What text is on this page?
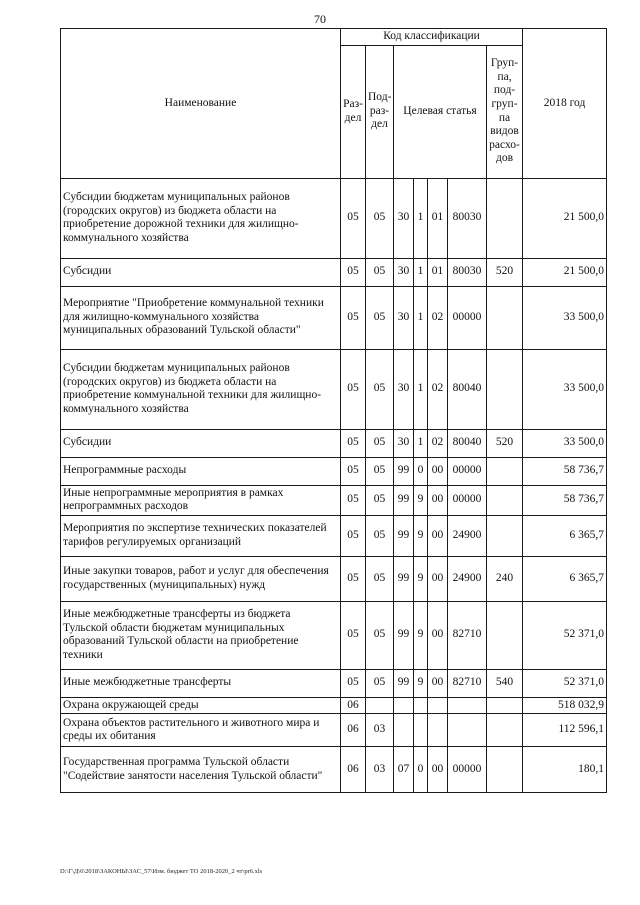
70
Наименование	Код классификации							2018 год
	Раз-дел	Под-раз-дел	Целевая статья				Груп-па, под-груп-па видов расхо-дов	
Субсидии бюджетам муниципальных районов (городских округов) из бюджета области на приобретение дорожной техники для жилищно-коммунального хозяйства	05	05	30	1	01	80030		21 500,0
Субсидии	05	05	30	1	01	80030	520	21 500,0
Мероприятие "Приобретение коммунальной техники для жилищно-коммунального хозяйства муниципальных образований Тульской области"	05	05	30	1	02	00000		33 500,0
Субсидии бюджетам муниципальных районов (городских округов) из бюджета области на приобретение коммунальной техники для жилищно-коммунального хозяйства	05	05	30	1	02	80040		33 500,0
Субсидии	05	05	30	1	02	80040	520	33 500,0
Непрограммные расходы	05	05	99	0	00	00000		58 736,7
Иные непрограммные мероприятия в рамках непрограммных расходов	05	05	99	9	00	00000		58 736,7
Мероприятия по экспертизе технических показателей тарифов регулируемых организаций	05	05	99	9	00	24900		6 365,7
Иные закупки товаров, работ и услуг для обеспечения государственных (муниципальных) нужд	05	05	99	9	00	24900	240	6 365,7
Иные межбюджетные трансферты из бюджета Тульской области бюджетам муниципальных образований Тульской области на приобретение техники	05	05	99	9	00	82710		52 371,0
Иные межбюджетные трансферты	05	05	99	9	00	82710	540	52 371,0
Охрана окружающей среды	06							518 032,9
Охрана объектов растительного и животного мира и среды их обитания	06	03						112 596,1
Государственная программа Тульской области "Содействие занятости населения Тульской области"	06	03	07	0	00	00000		180,1
D:\Г\Д\6\2018\ЗАКОНЫ\ЗАС_57\Изм. бюджет ТО 2018-2020_2 чт\pr6.xls
